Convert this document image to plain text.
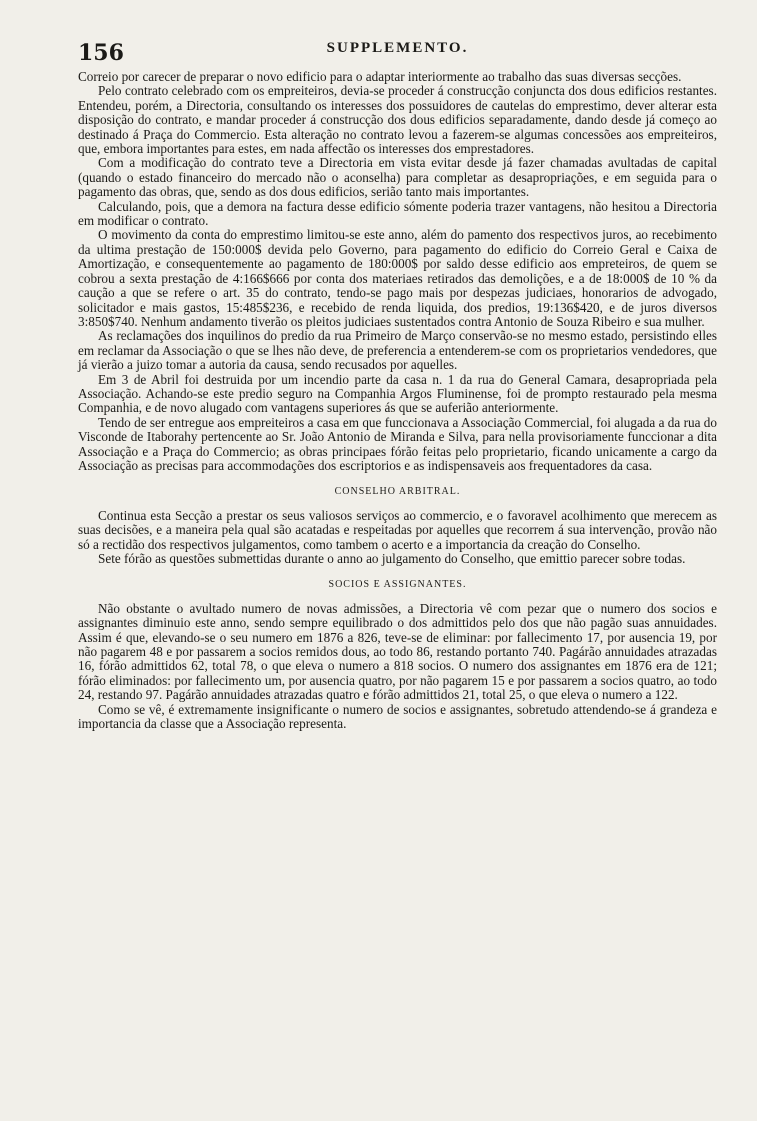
156	SUPPLEMENTO.

Correio por carecer de preparar o novo edificio para o adaptar interiormente ao trabalho das suas diversas secções.

Pelo contrato celebrado com os empreiteiros, devia-se proceder á construcção conjuncta dos dous edificios restantes. Entendeu, porém, a Directoria, consultando os interesses dos possuidores de cautelas do emprestimo, dever alterar esta disposição do contrato, e mandar proceder á construcção dos dous edificios separadamente, dando desde já começo ao destinado á Praça do Commercio. Esta alteração no contrato levou a fazerem-se algumas concessões aos empreiteiros, que, embora importantes para estes, em nada affectão os interesses dos emprestadores.

Com a modificação do contrato teve a Directoria em vista evitar desde já fazer chamadas avultadas de capital (quando o estado financeiro do mercado não o aconselha) para completar as desapropriações, e em seguida para o pagamento das obras, que, sendo as dos dous edificios, serião tanto mais importantes.

Calculando, pois, que a demora na factura desse edificio sómente poderia trazer vantagens, não hesitou a Directoria em modificar o contrato.

O movimento da conta do emprestimo limitou-se este anno, além do pamento dos respectivos juros, ao recebimento da ultima prestação de 150:000$ devida pelo Governo, para pagamento do edificio do Correio Geral e Caixa de Amortização, e consequentemente ao pagamento de 180:000$ por saldo desse edificio aos empreteiros, de quem se cobrou a sexta prestação de 4:166$666 por conta dos materiaes retirados das demolições, e a de 18:000$ de 10 % da caução a que se refere o art. 35 do contrato, tendo-se pago mais por despezas judiciaes, honorarios de advogado, solicitador e mais gastos, 15:485$236, e recebido de renda liquida, dos predios, 19:136$420, e de juros diversos 3:850$740. Nenhum andamento tiverão os pleitos judiciaes sustentados contra Antonio de Souza Ribeiro e sua mulher.

As reclamações dos inquilinos do predio da rua Primeiro de Março conservão-se no mesmo estado, persistindo elles em reclamar da Associação o que se lhes não deve, de preferencia a entenderem-se com os proprietarios vendedores, que já vierão a juizo tomar a autoria da causa, sendo recusados por aquelles.

Em 3 de Abril foi destruida por um incendio parte da casa n. 1 da rua do General Camara, desapropriada pela Associação. Achando-se este predio seguro na Companhia Argos Fluminense, foi de prompto restaurado pela mesma Companhia, e de novo alugado com vantagens superiores ás que se auferião anteriormente.

Tendo de ser entregue aos empreiteiros a casa em que funccionava a Associação Commercial, foi alugada a da rua do Visconde de Itaborahy pertencente ao Sr. João Antonio de Miranda e Silva, para nella provisoriamente funccionar a dita Associação e a Praça do Commercio; as obras principaes fórão feitas pelo proprietario, ficando unicamente a cargo da Associação as precisas para accommodações dos escriptorios e as indispensaveis aos frequentadores da casa.

CONSELHO ARBITRAL.

Continua esta Secção a prestar os seus valiosos serviços ao commercio, e o favoravel acolhimento que merecem as suas decisões, e a maneira pela qual são acatadas e respeitadas por aquelles que recorrem á sua intervenção, provão não só a rectidão dos respectivos julgamentos, como tambem o acerto e a importancia da creação do Conselho.

Sete fórão as questões submettidas durante o anno ao julgamento do Conselho, que emittio parecer sobre todas.

SOCIOS E ASSIGNANTES.

Não obstante o avultado numero de novas admissões, a Directoria vê com pezar que o numero dos socios e assignantes diminuio este anno, sendo sempre equilibrado o dos admittidos pelo dos que não pagão suas annuidades. Assim é que, elevando-se o seu numero em 1876 a 826, teve-se de eliminar: por fallecimento 17, por ausencia 19, por não pagarem 48 e por passarem a socios remidos dous, ao todo 86, restando portanto 740. Pagárão annuidades atrazadas 16, fórão admittidos 62, total 78, o que eleva o numero a 818 socios. O numero dos assignantes em 1876 era de 121; fórão eliminados: por fallecimento um, por ausencia quatro, por não pagarem 15 e por passarem a socios quatro, ao todo 24, restando 97. Pagárão annuidades atrazadas quatro e fórão admittidos 21, total 25, o que eleva o numero a 122.

Como se vê, é extremamente insignificante o numero de socios e assignantes, sobretudo attendendo-se á grandeza e importancia da classe que a Associação representa.
